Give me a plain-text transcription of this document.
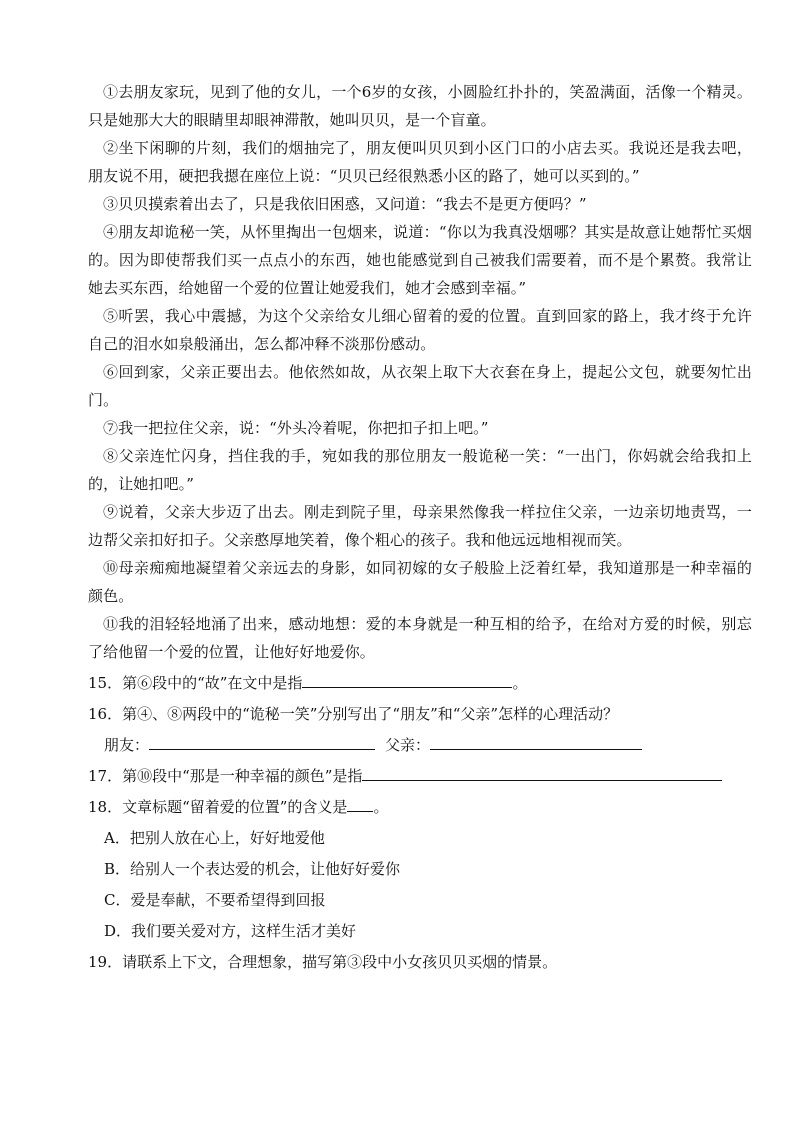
①去朋友家玩，见到了他的女儿，一个6岁的女孩，小圆脸红扑扑的，笑盈满面，活像一个精灵。只是她那大大的眼睛里却眼神滞散，她叫贝贝，是一个盲童。

②坐下闲聊的片刻，我们的烟抽完了，朋友便叫贝贝到小区门口的小店去买。我说还是我去吧，朋友说不用，硬把我摁在座位上说：“贝贝已经很熟悉小区的路了，她可以买到的。”

③贝贝摸索着出去了，只是我依旧困惑，又问道：“我去不是更方便吗？”

④朋友却诡秘一笑，从怀里掏出一包烟来，说道：“你以为我真没烟哪？其实是故意让她帮忙买烟的。因为即使帮我们买一点点小的东西，她也能感觉到自己被我们需要着，而不是个累赘。我常让她去买东西，给她留一个爱的位置让她爱我们，她才会感到幸福。”

⑤听罢，我心中震撼，为这个父亲给女儿细心留着的爱的位置。直到回家的路上，我才终于允许自己的泪水如泉般涌出，怎么都冲释不淡那份感动。

⑥回到家，父亲正要出去。他依然如故，从衣架上取下大衣套在身上，提起公文包，就要匆忙出门。

⑦我一把拉住父亲，说：“外头冷着呢，你把扣子扣上吧。”

⑧父亲连忙闪身，挡住我的手，宛如我的那位朋友一般诡秘一笑：“一出门，你妈就会给我扣上的，让她扣吧。”

⑨说着，父亲大步迈了出去。刚走到院子里，母亲果然像我一样拉住父亲，一边亲切地责骂，一边帮父亲扣好扣子。父亲憨厚地笑着，像个粗心的孩子。我和他远远地相视而笑。

⑩母亲痴痴地凝望着父亲远去的身影，如同初嫁的女子般脸上泛着红晕，我知道那是一种幸福的颜色。

⑪我的泪轻轻地涌了出来，感动地想：爱的本身就是一种互相的给予，在给对方爱的时候，别忘了给他留一个爱的位置，让他好好地爱你。

15．第⑥段中的“故”在文中是指	。

16．第④、⑧两段中的“诡秘一笑”分别写出了“朋友”和“父亲”怎样的心理活动？

朋友：	父亲：

17．第⑩段中“那是一种幸福的颜色”是指

18．文章标题“留着爱的位置”的含义是 。

A．把别人放在心上，好好地爱他

B．给别人一个表达爱的机会，让他好好爱你

C．爱是奉献，不要希望得到回报

D．我们要关爱对方，这样生活才美好

19．请联系上下文，合理想象，描写第③段中小女孩贝贝买烟的情景。
